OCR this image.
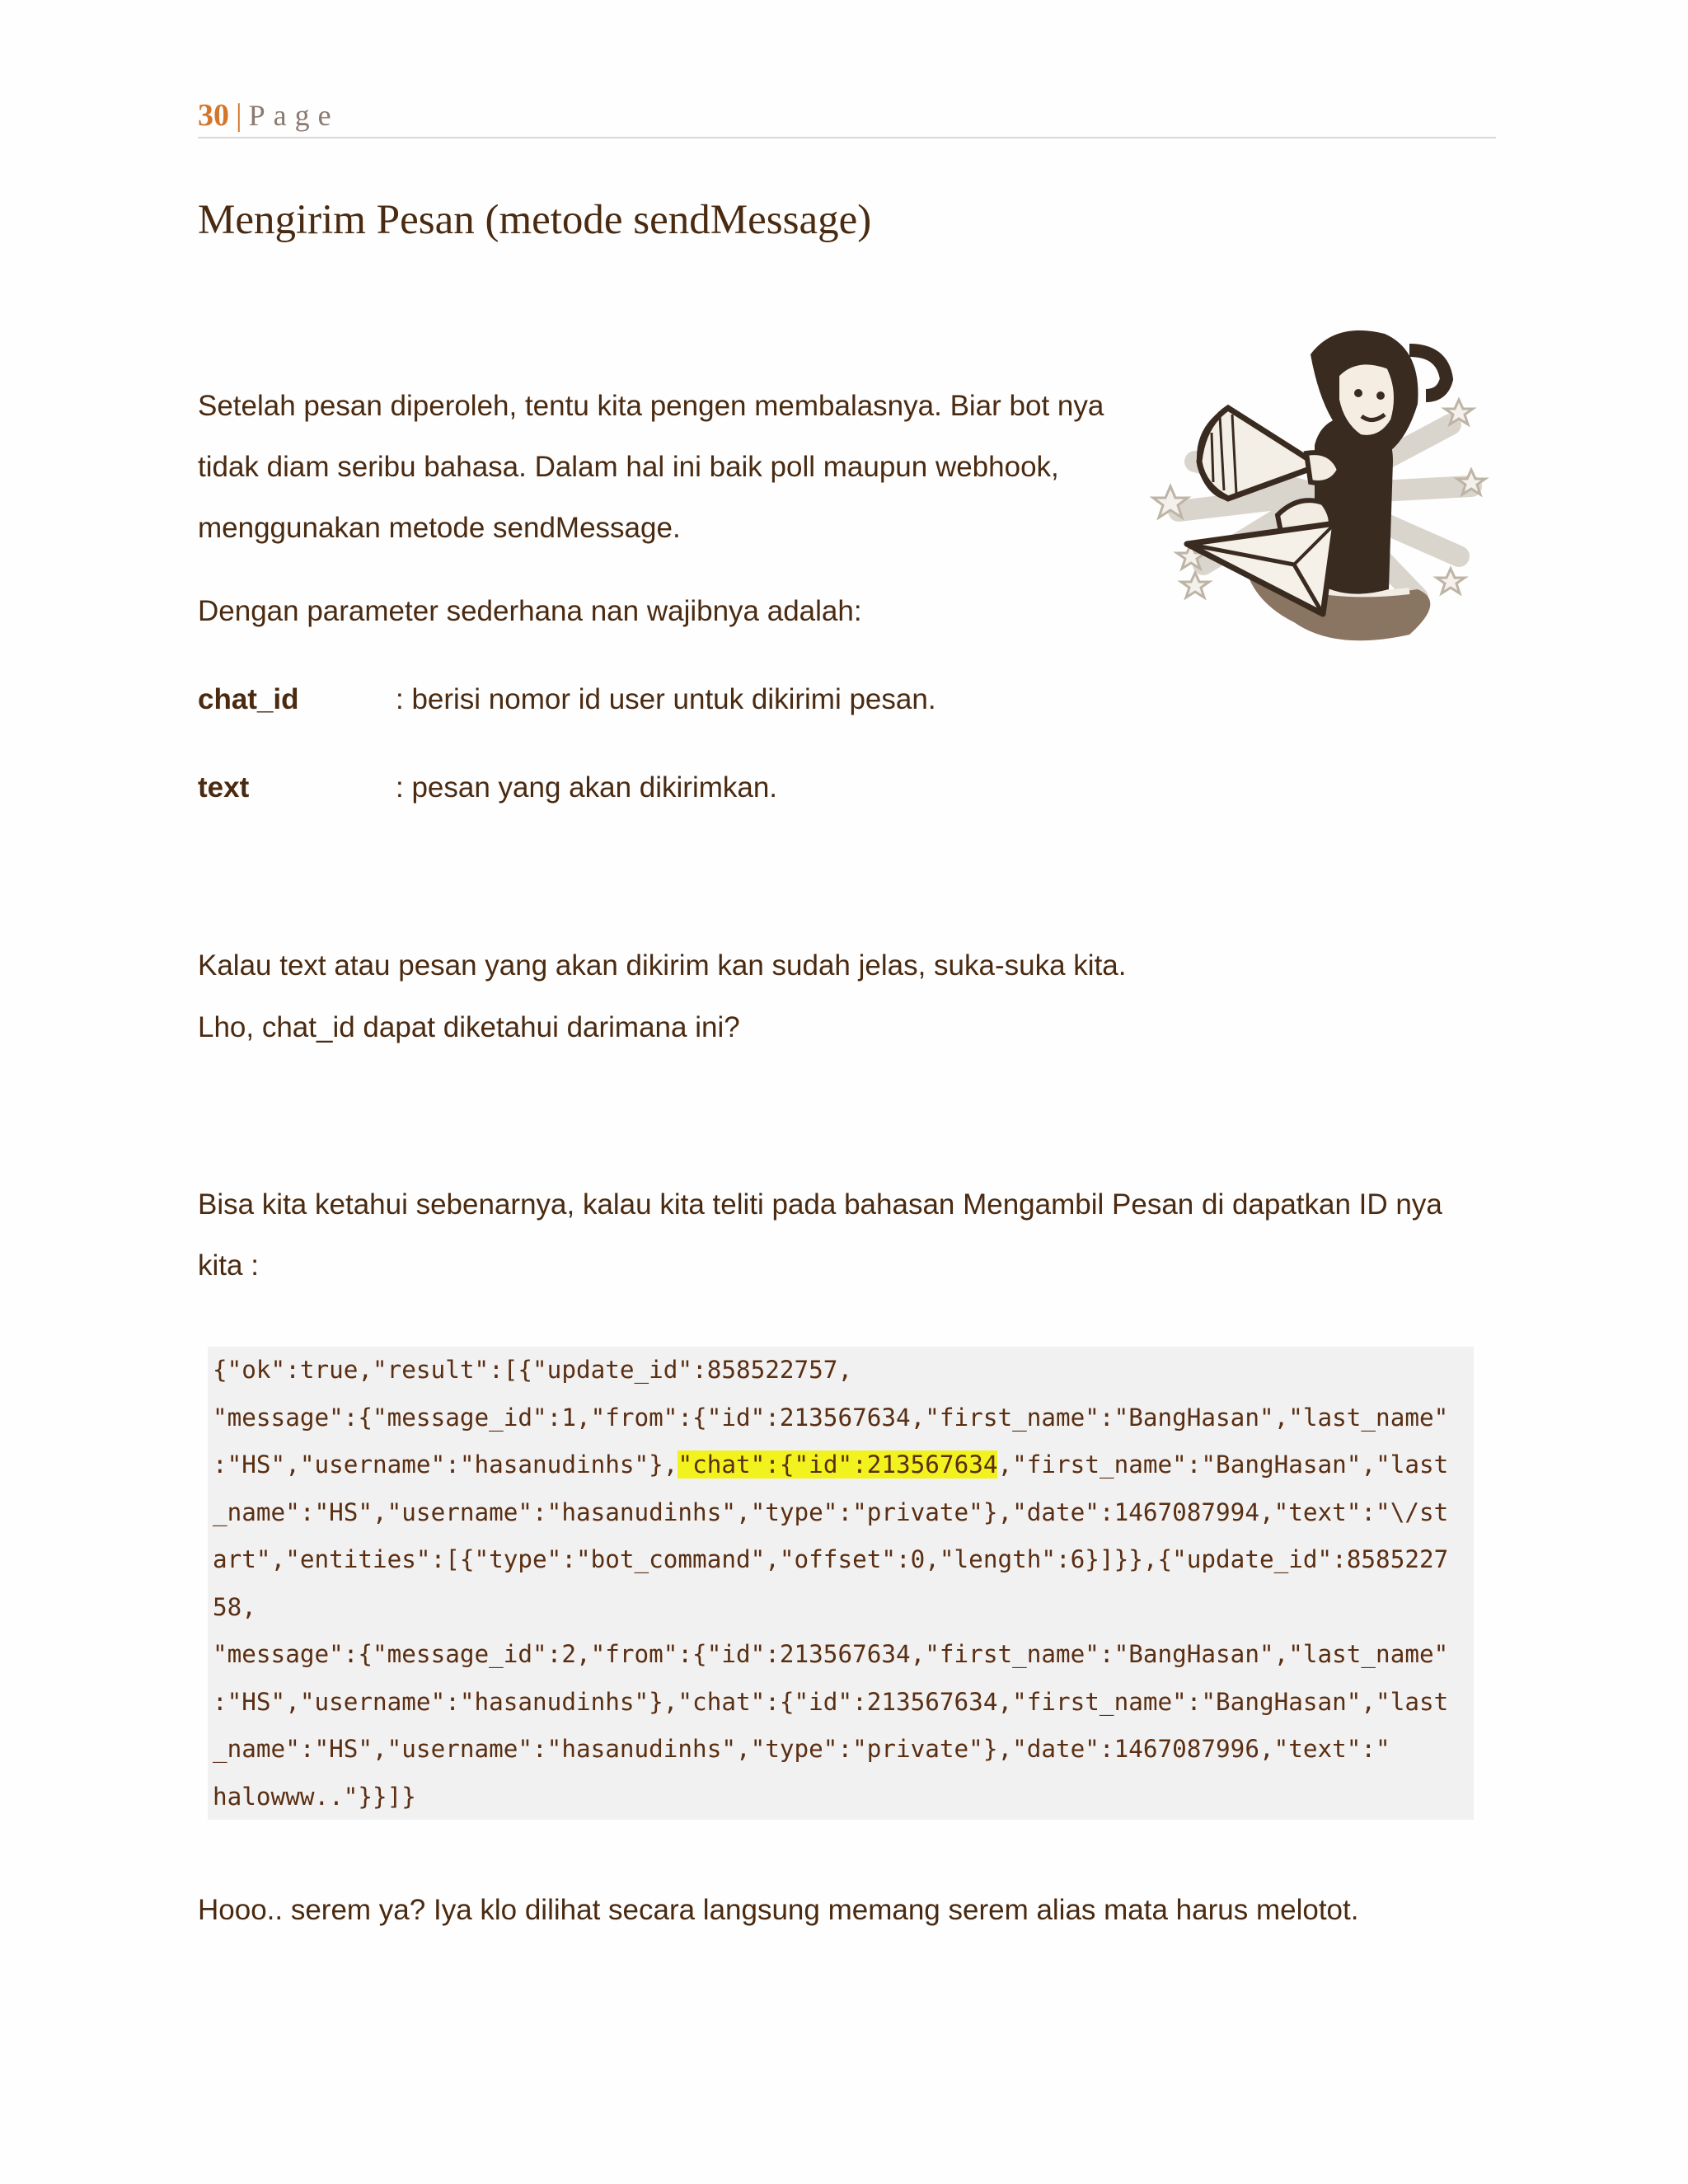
30 | Page
Mengirim Pesan (metode sendMessage)
Setelah pesan diperoleh, tentu kita pengen membalasnya. Biar bot nya tidak diam seribu bahasa. Dalam hal ini baik poll maupun webhook, menggunakan metode sendMessage.
Dengan parameter sederhana nan wajibnya adalah:
chat_id	: berisi nomor id user untuk dikirimi pesan.
text	: pesan yang akan dikirimkan.
Kalau text atau pesan yang akan dikirim kan sudah jelas, suka-suka kita.
Lho, chat_id dapat diketahui darimana ini?
Bisa kita ketahui sebenarnya, kalau kita teliti pada bahasan Mengambil Pesan di dapatkan ID nya
kita :
{"ok":true,"result":[{"update_id":858522757,
"message":{"message_id":1,"from":{"id":213567634,"first_name":"BangHasan","last_name"
:"HS","username":"hasanudinhs"},"chat":{"id":213567634,"first_name":"BangHasan","last
_name":"HS","username":"hasanudinhs","type":"private"},"date":1467087994,"text":"\/st
art","entities":[{"type":"bot_command","offset":0,"length":6}]}},{"update_id":8585227
58,
"message":{"message_id":2,"from":{"id":213567634,"first_name":"BangHasan","last_name"
:"HS","username":"hasanudinhs"},"chat":{"id":213567634,"first_name":"BangHasan","last
_name":"HS","username":"hasanudinhs","type":"private"},"date":1467087996,"text":"
halowww.."}}]}
Hooo.. serem ya? Iya klo dilihat secara langsung memang serem alias mata harus melotot.
